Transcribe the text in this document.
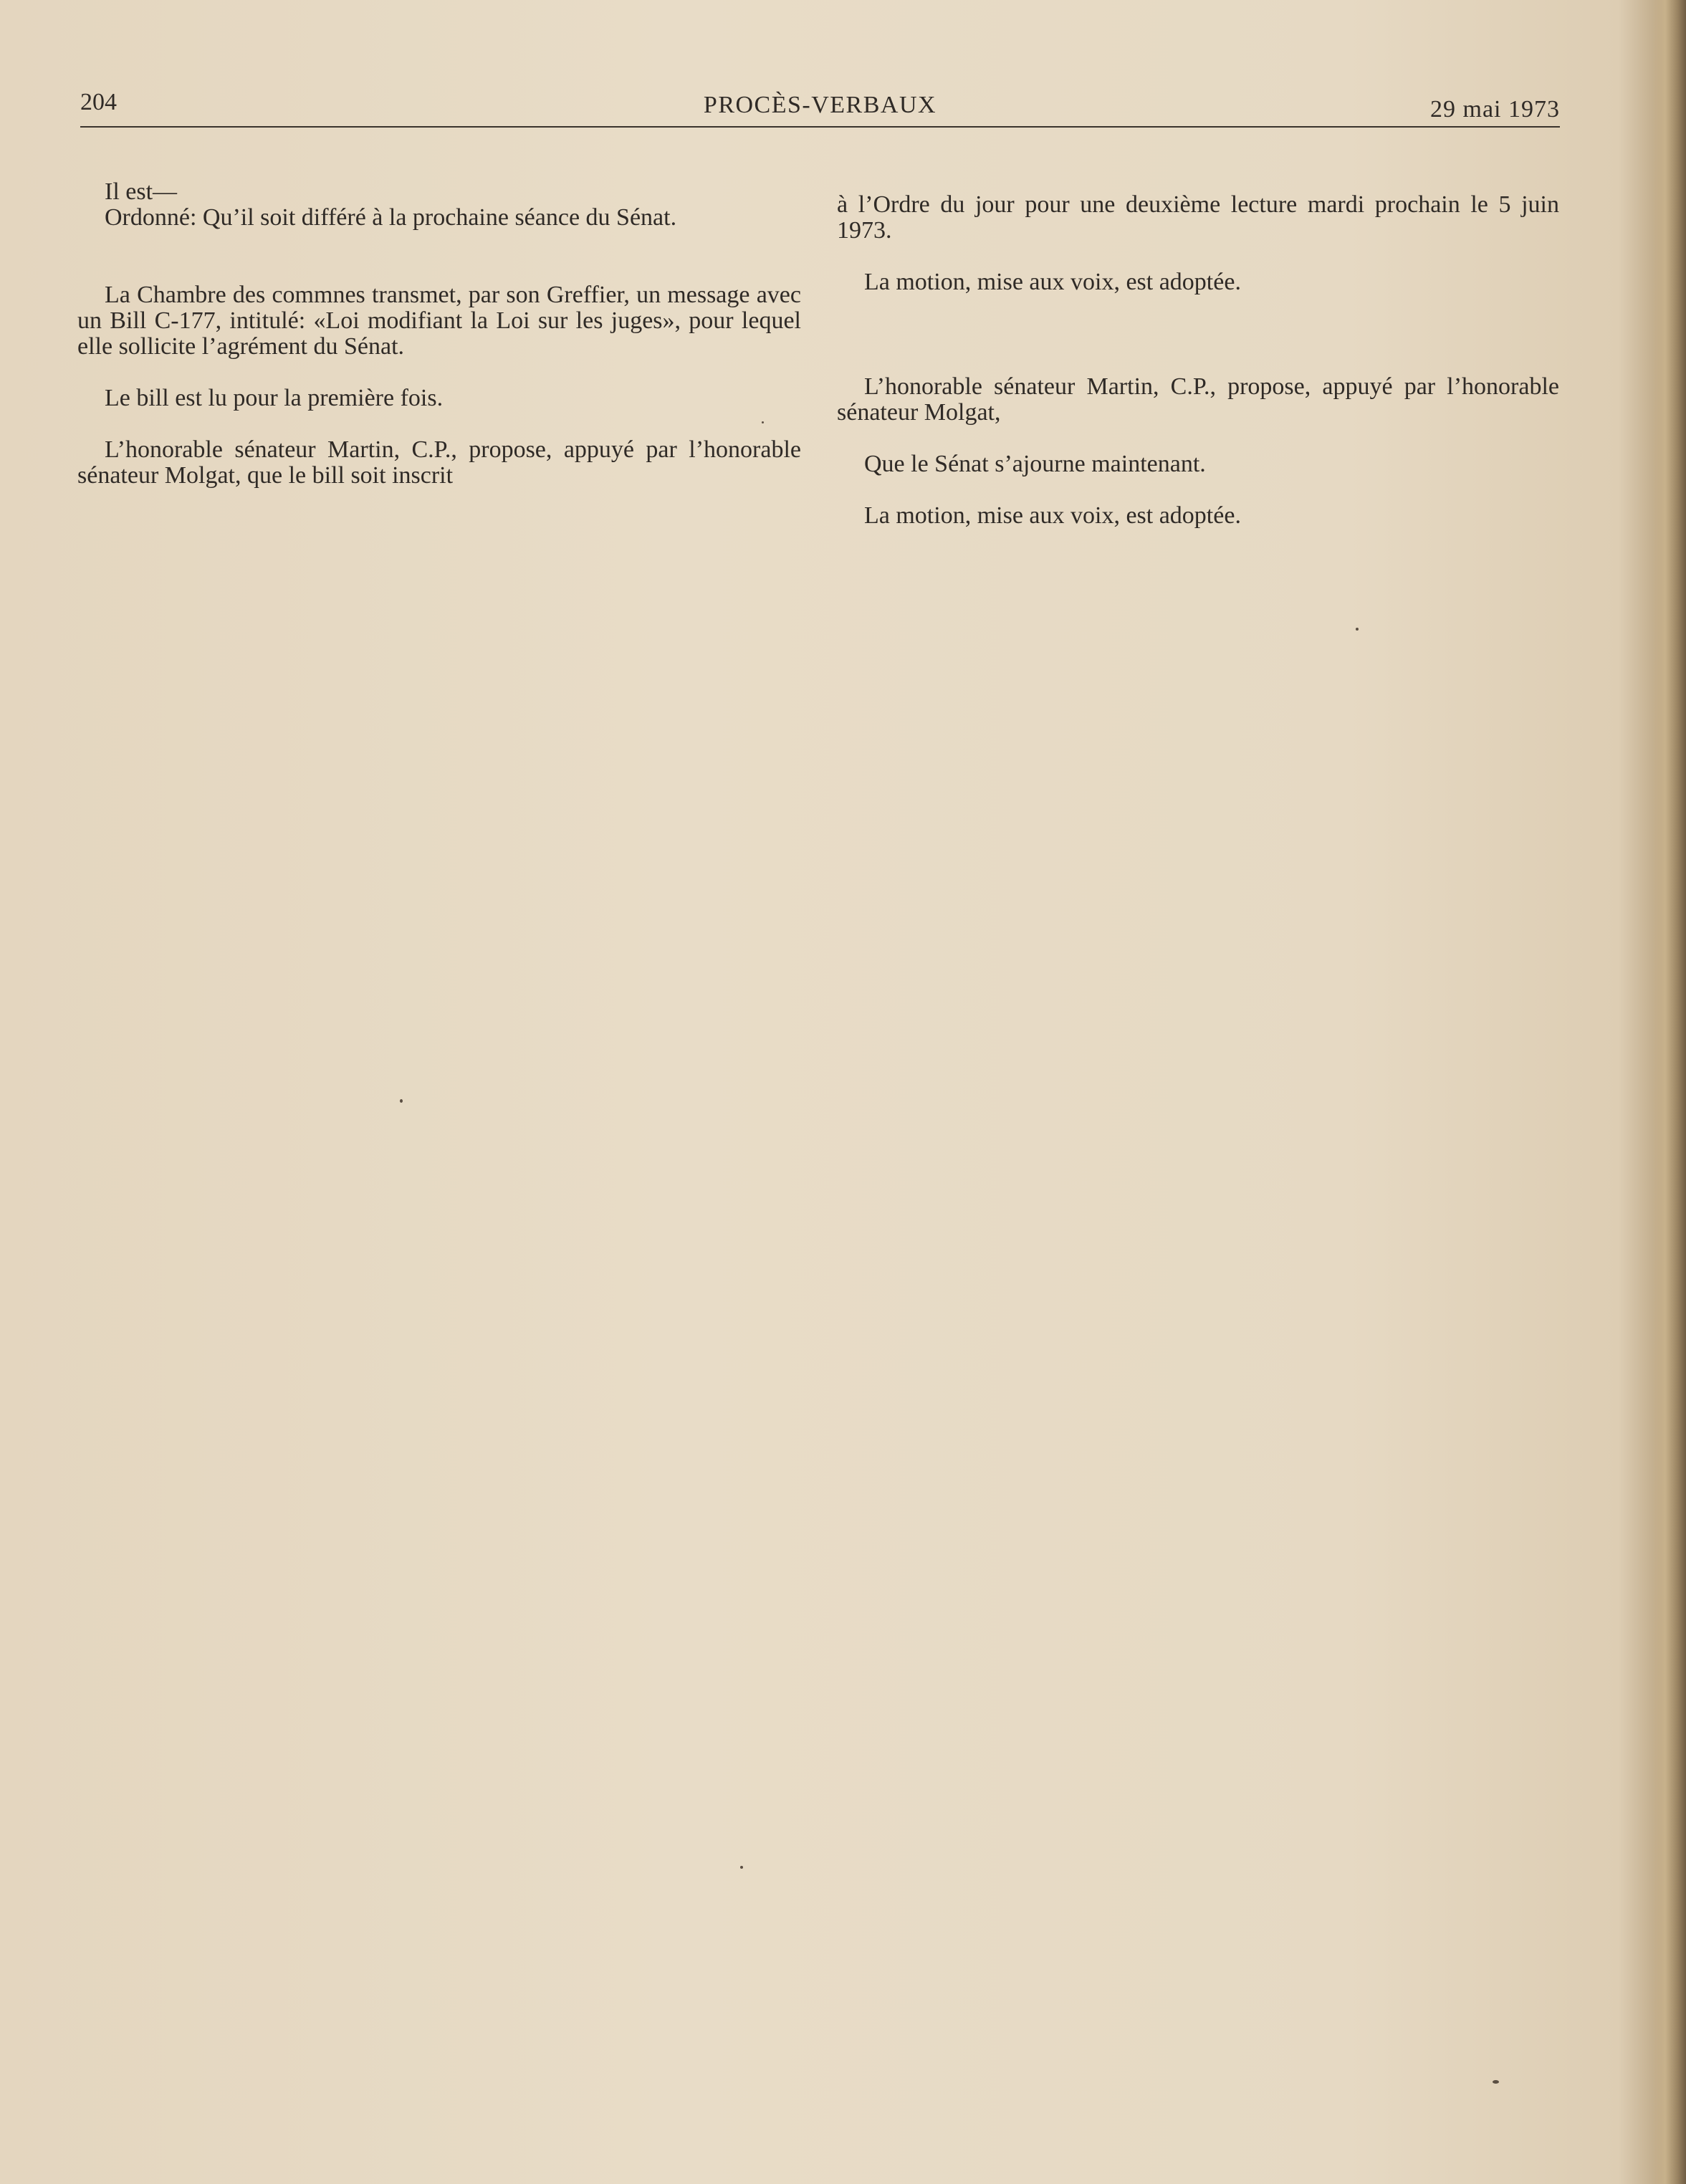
204	PROCÈS-VERBAUX	29 mai 1973

Il est—

Ordonné: Qu’il soit différé à la prochaine séance du Sénat.

La Chambre des commnes transmet, par son Greffier, un message avec un Bill C-177, intitulé: «Loi modifiant la Loi sur les juges», pour lequel elle sollicite l’agrément du Sénat.

Le bill est lu pour la première fois.

L’honorable sénateur Martin, C.P., propose, appuyé par l’honorable sénateur Molgat, que le bill soit inscrit

à l’Ordre du jour pour une deuxième lecture mardi prochain le 5 juin 1973.

La motion, mise aux voix, est adoptée.

L’honorable sénateur Martin, C.P., propose, appuyé par l’honorable sénateur Molgat,

Que le Sénat s’ajourne maintenant.

La motion, mise aux voix, est adoptée.
